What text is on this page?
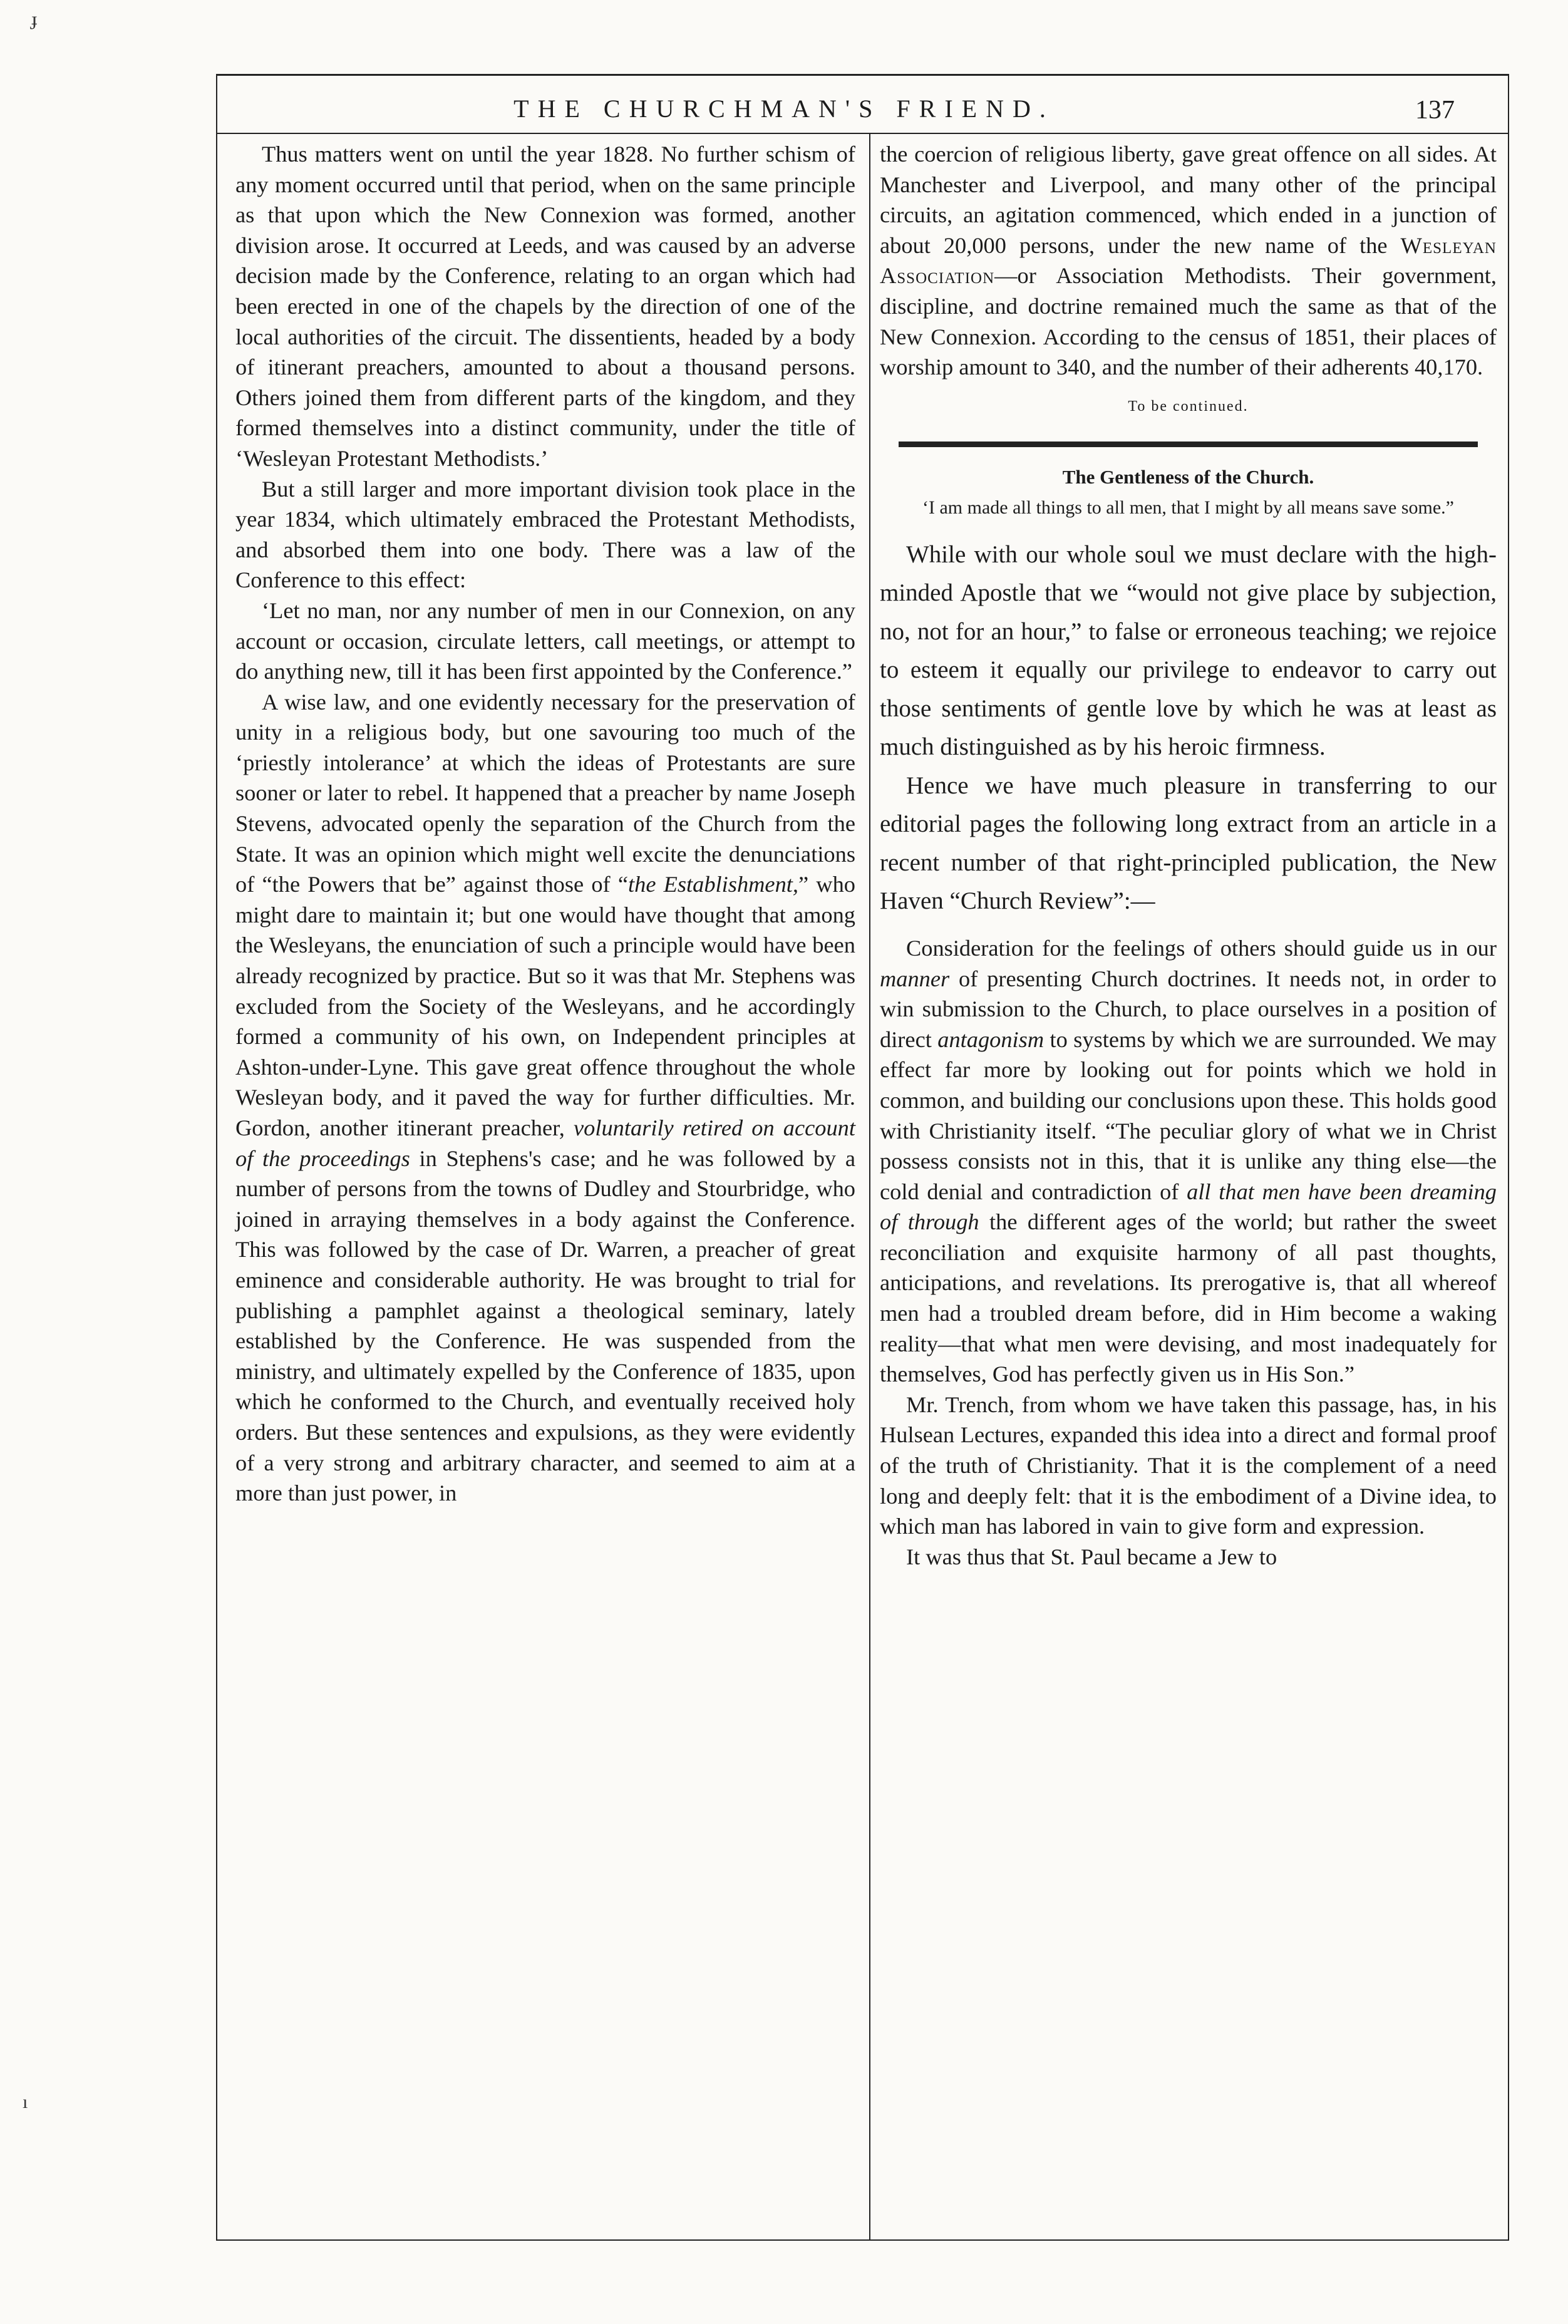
THE CHURCHMAN'S FRIEND.	137
ɟ
ı

Thus matters went on until the year 1828. No further schism of any moment occurred until that period, when on the same principle as that upon which the New Connexion was formed, another division arose. It occurred at Leeds, and was caused by an adverse decision made by the Conference, relating to an organ which had been erected in one of the chapels by the direction of one of the local authorities of the circuit. The dissentients, headed by a body of itinerant preachers, amounted to about a thousand persons. Others joined them from different parts of the kingdom, and they formed themselves into a distinct community, under the title of ‘Wesleyan Protestant Methodists.’

But a still larger and more important division took place in the year 1834, which ultimately embraced the Protestant Methodists, and absorbed them into one body. There was a law of the Conference to this effect:

‘Let no man, nor any number of men in our Connexion, on any account or occasion, circulate letters, call meetings, or attempt to do anything new, till it has been first appointed by the Conference.”

A wise law, and one evidently necessary for the preservation of unity in a religious body, but one savouring too much of the ‘priestly intolerance’ at which the ideas of Protestants are sure sooner or later to rebel. It happened that a preacher by name Joseph Stevens, advocated openly the separation of the Church from the State. It was an opinion which might well excite the denunciations of “the Powers that be” against those of “the Establishment,” who might dare to maintain it; but one would have thought that among the Wesleyans, the enunciation of such a principle would have been already recognized by practice. But so it was that Mr. Stephens was excluded from the Society of the Wesleyans, and he accordingly formed a community of his own, on Independent principles at Ashton-under-Lyne. This gave great offence throughout the whole Wesleyan body, and it paved the way for further difficulties. Mr. Gordon, another itinerant preacher, voluntarily retired on account of the proceedings in Stephens's case; and he was followed by a number of persons from the towns of Dudley and Stourbridge, who joined in arraying themselves in a body against the Conference. This was followed by the case of Dr. Warren, a preacher of great eminence and considerable authority. He was brought to trial for publishing a pamphlet against a theological seminary, lately established by the Conference. He was suspended from the ministry, and ultimately expelled by the Conference of 1835, upon which he conformed to the Church, and eventually received holy orders. But these sentences and expulsions, as they were evidently of a very strong and arbitrary character, and seemed to aim at a more than just power, in

the coercion of religious liberty, gave great offence on all sides. At Manchester and Liverpool, and many other of the principal circuits, an agitation commenced, which ended in a junction of about 20,000 persons, under the new name of the Wesleyan Association—or Association Methodists. Their government, discipline, and doctrine remained much the same as that of the New Connexion. According to the census of 1851, their places of worship amount to 340, and the number of their adherents 40,170.

To be continued.

The Gentleness of the Church.

‘I am made all things to all men, that I might by all means save some.”

While with our whole soul we must declare with the high-minded Apostle that we “would not give place by subjection, no, not for an hour,” to false or erroneous teaching; we rejoice to esteem it equally our privilege to endeavor to carry out those sentiments of gentle love by which he was at least as much distinguished as by his heroic firmness.

Hence we have much pleasure in transferring to our editorial pages the following long extract from an article in a recent number of that right-principled publication, the New Haven “Church Review”:—

Consideration for the feelings of others should guide us in our manner of presenting Church doctrines. It needs not, in order to win submission to the Church, to place ourselves in a position of direct antagonism to systems by which we are surrounded. We may effect far more by looking out for points which we hold in common, and building our conclusions upon these. This holds good with Christianity itself. “The peculiar glory of what we in Christ possess consists not in this, that it is unlike any thing else—the cold denial and contradiction of all that men have been dreaming of through the different ages of the world; but rather the sweet reconciliation and exquisite harmony of all past thoughts, anticipations, and revelations. Its prerogative is, that all whereof men had a troubled dream before, did in Him become a waking reality—that what men were devising, and most inadequately for themselves, God has perfectly given us in His Son.”

Mr. Trench, from whom we have taken this passage, has, in his Hulsean Lectures, expanded this idea into a direct and formal proof of the truth of Christianity. That it is the complement of a need long and deeply felt: that it is the embodiment of a Divine idea, to which man has labored in vain to give form and expression.

It was thus that St. Paul became a Jew to
